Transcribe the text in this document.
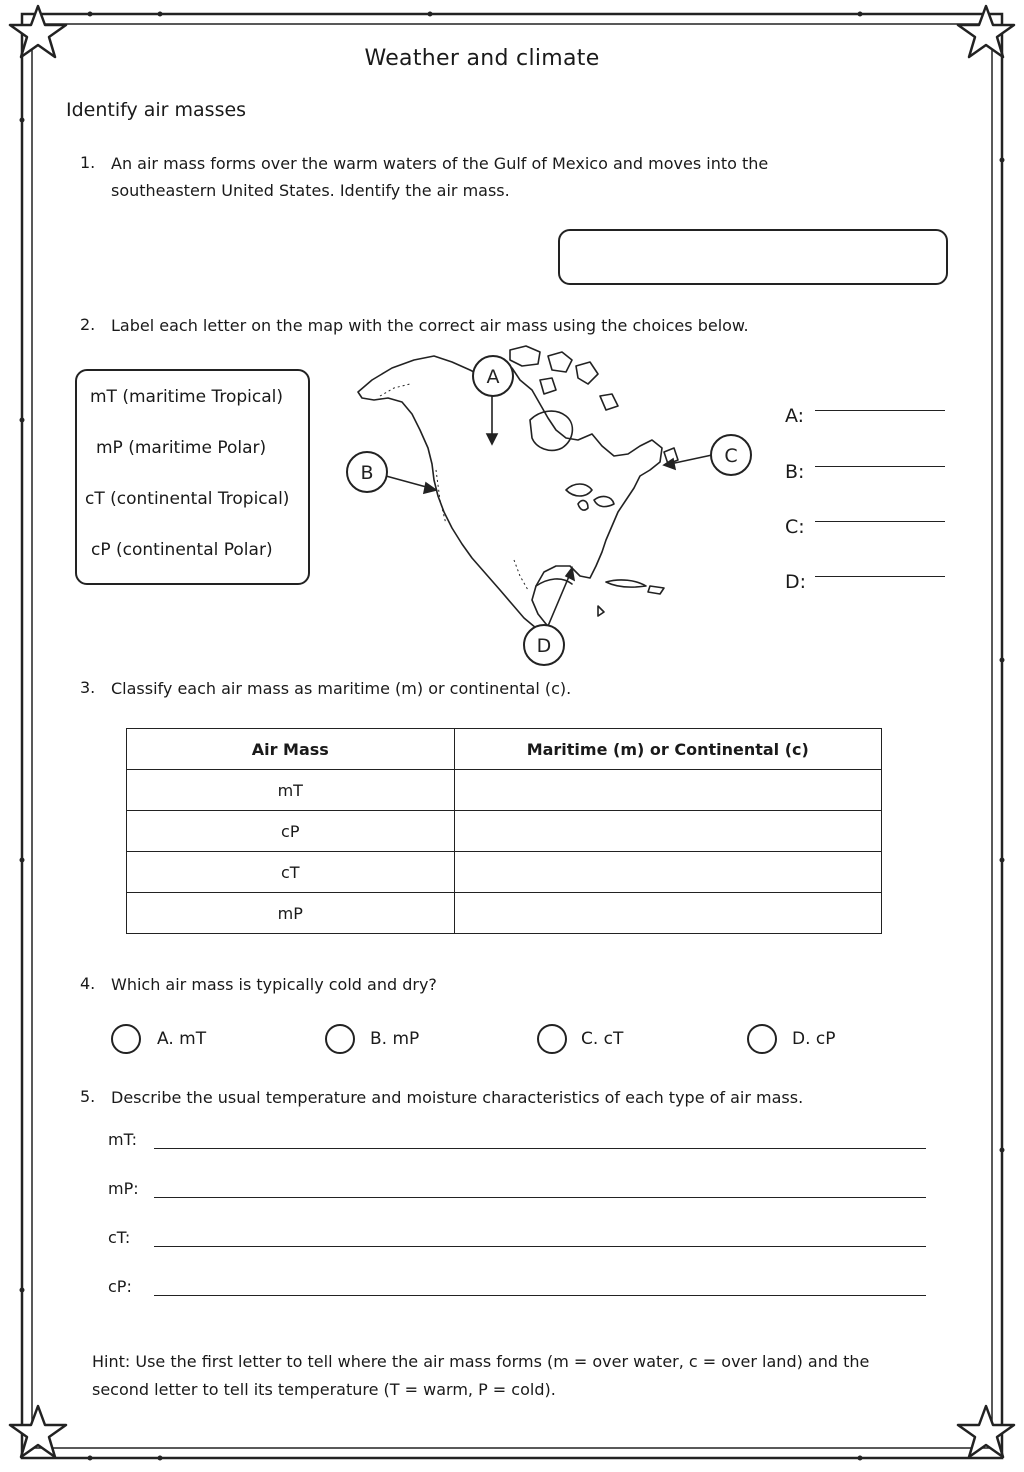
Weather and climate
Identify air masses
1. An air mass forms over the warm waters of the Gulf of Mexico and moves into the
southeastern United States. Identify the air mass.
2. Label each letter on the map with the correct air mass using the choices below.
mT (maritime Tropical)
mP (maritime Polar)
cT (continental Tropical)
cP (continental Polar)
A
B
C
D
A:
B:
C:
D:
3. Classify each air mass as maritime (m) or continental (c).
Air Mass	Maritime (m) or Continental (c)
mT	
cP	
cT	
mP	
4. Which air mass is typically cold and dry?
A. mT	B. mP	C. cT	D. cP
5. Describe the usual temperature and moisture characteristics of each type of air mass.
mT:
mP:
cT:
cP:
Hint: Use the first letter to tell where the air mass forms (m = over water, c = over land) and the
second letter to tell its temperature (T = warm, P = cold).
